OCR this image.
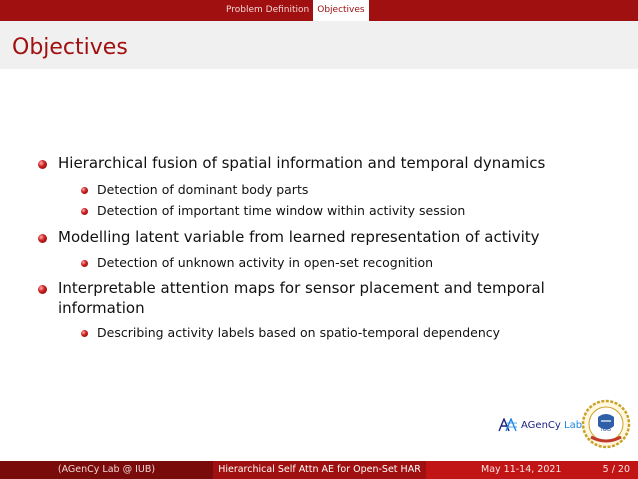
Problem Definition Objectives
Objectives
Hierarchical fusion of spatial information and temporal dynamics
Detection of dominant body parts
Detection of important time window within activity session
Modelling latent variable from learned representation of activity
Detection of unknown activity in open-set recognition
Interpretable attention maps for sensor placement and temporal
information
Describing activity labels based on spatio-temporal dependency
AGenCy Lab	IUB
(AGenCy Lab @ IUB)	Hierarchical Self Attn AE for Open-Set HAR	May 11-14, 2021	5 / 20
